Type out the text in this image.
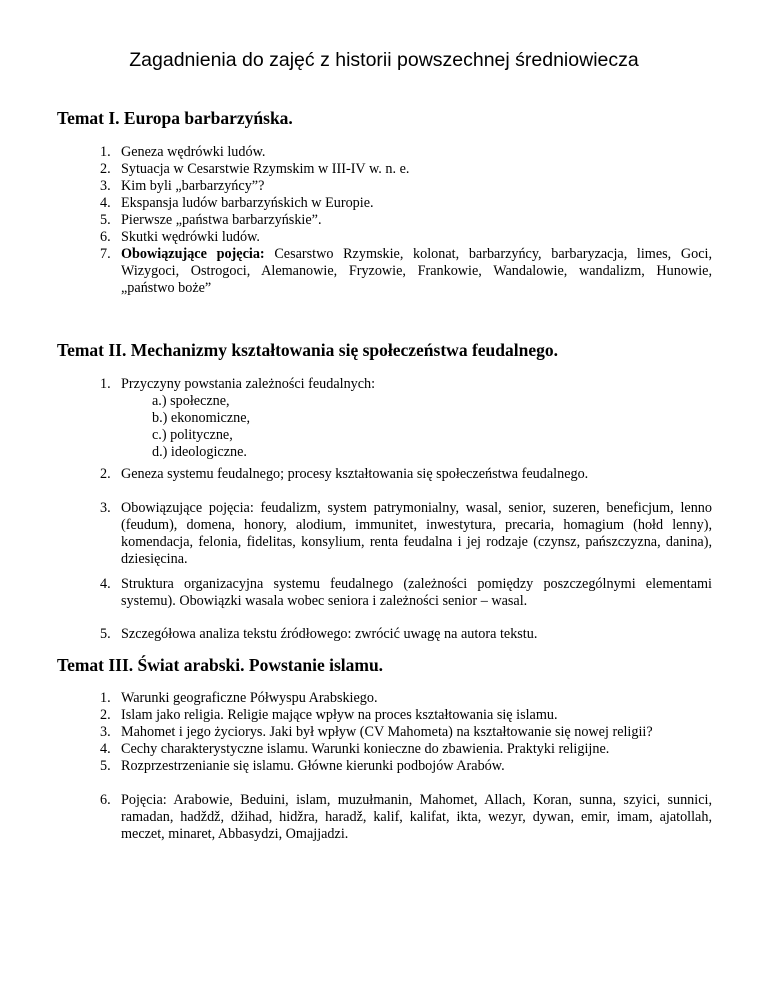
Zagadnienia do zajęć z historii powszechnej średniowiecza
Temat I. Europa barbarzyńska.
1. Geneza wędrówki ludów.
2. Sytuacja w Cesarstwie Rzymskim w III-IV w. n. e.
3. Kim byli „barbarzyńcy”?
4. Ekspansja ludów barbarzyńskich w Europie.
5. Pierwsze „państwa barbarzyńskie”.
6. Skutki wędrówki ludów.
7. Obowiązujące pojęcia: Cesarstwo Rzymskie, kolonat, barbarzyńcy, barbaryzacja, limes, Goci, Wizygoci, Ostrogoci, Alemanowie, Fryzowie, Frankowie, Wandalowie, wandalizm, Hunowie, „państwo boże”
Temat II. Mechanizmy kształtowania się społeczeństwa feudalnego.
1. Przyczyny powstania zależności feudalnych:
a.) społeczne,
b.) ekonomiczne,
c.) polityczne,
d.) ideologiczne.
2. Geneza systemu feudalnego; procesy kształtowania się społeczeństwa feudalnego.
3. Obowiązujące pojęcia: feudalizm, system patrymonialny, wasal, senior, suzeren, beneficjum, lenno (feudum), domena, honory, alodium, immunitet, inwestytura, precaria, homagium (hołd lenny), komendacja, felonia, fidelitas, konsylium, renta feudalna i jej rodzaje (czynsz, pańszczyzna, danina), dziesięcina.
4. Struktura organizacyjna systemu feudalnego (zależności pomiędzy poszczególnymi elementami systemu). Obowiązki wasala wobec seniora i zależności senior – wasal.
5. Szczegółowa analiza tekstu źródłowego: zwrócić uwagę na autora tekstu.
Temat III. Świat arabski. Powstanie islamu.
1. Warunki geograficzne Półwyspu Arabskiego.
2. Islam jako religia. Religie mające wpływ na proces kształtowania się islamu.
3. Mahomet i jego życiorys. Jaki był wpływ (CV Mahometa) na kształtowanie się nowej religii?
4. Cechy charakterystyczne islamu. Warunki konieczne do zbawienia. Praktyki religijne.
5. Rozprzestrzenianie się islamu. Główne kierunki podbojów Arabów.
6. Pojęcia: Arabowie, Beduini, islam, muzułmanin, Mahomet, Allach, Koran, sunna, szyici, sunnici, ramadan, hadždž, džihad, hidžra, haradž, kalif, kalifat, ikta, wezyr, dywan, emir, imam, ajatollah, meczet, minaret, Abbasydzi, Omajjadzi.
